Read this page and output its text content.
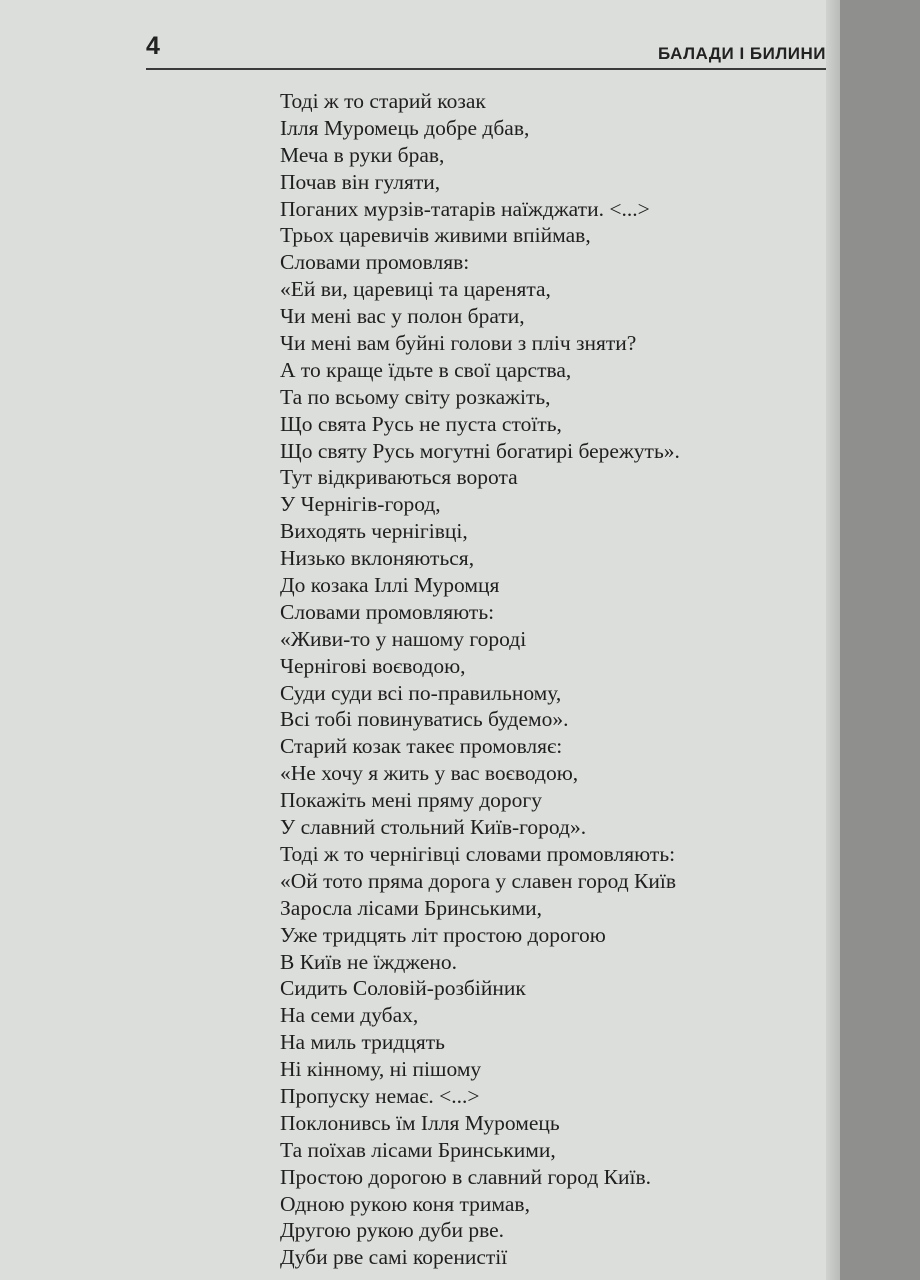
4	БАЛАДИ І БИЛИНИ
Тоді ж то старий козак
Ілля Муромець добре дбав,
Меча в руки брав,
Почав він гуляти,
Поганих мурзів-татарів наїжджати. <...>
Трьох царевичів живими впіймав,
Словами промовляв:
«Ей ви, царевиці та царенята,
Чи мені вас у полон брати,
Чи мені вам буйні голови з пліч зняти?
А то краще їдьте в свої царства,
Та по всьому світу розкажіть,
Що свята Русь не пуста стоїть,
Що святу Русь могутні богатирі бережуть».
Тут відкриваються ворота
У Чернігів-город,
Виходять чернігівці,
Низько вклоняються,
До козака Іллі Муромця
Словами промовляють:
«Живи-то у нашому городі
Чернігові воєводою,
Суди суди всі по-правильному,
Всі тобі повинуватись будемо».
Старий козак такеє промовляє:
«Не хочу я жить у вас воєводою,
Покажіть мені пряму дорогу
У славний стольний Київ-город».
Тоді ж то чернігівці словами промовляють:
«Ой тото пряма дорога у славен город Київ
Заросла лісами Бринськими,
Уже тридцять літ простою дорогою
В Київ не їжджено.
Сидить Соловій-розбійник
На семи дубах,
На миль тридцять
Ні кінному, ні пішому
Пропуску немає. <...>
Поклонивсь їм Ілля Муромець
Та поїхав лісами Бринськими,
Простою дорогою в славний город Київ.
Одною рукою коня тримав,
Другою рукою дуби рве.
Дуби рве самі коренистії
